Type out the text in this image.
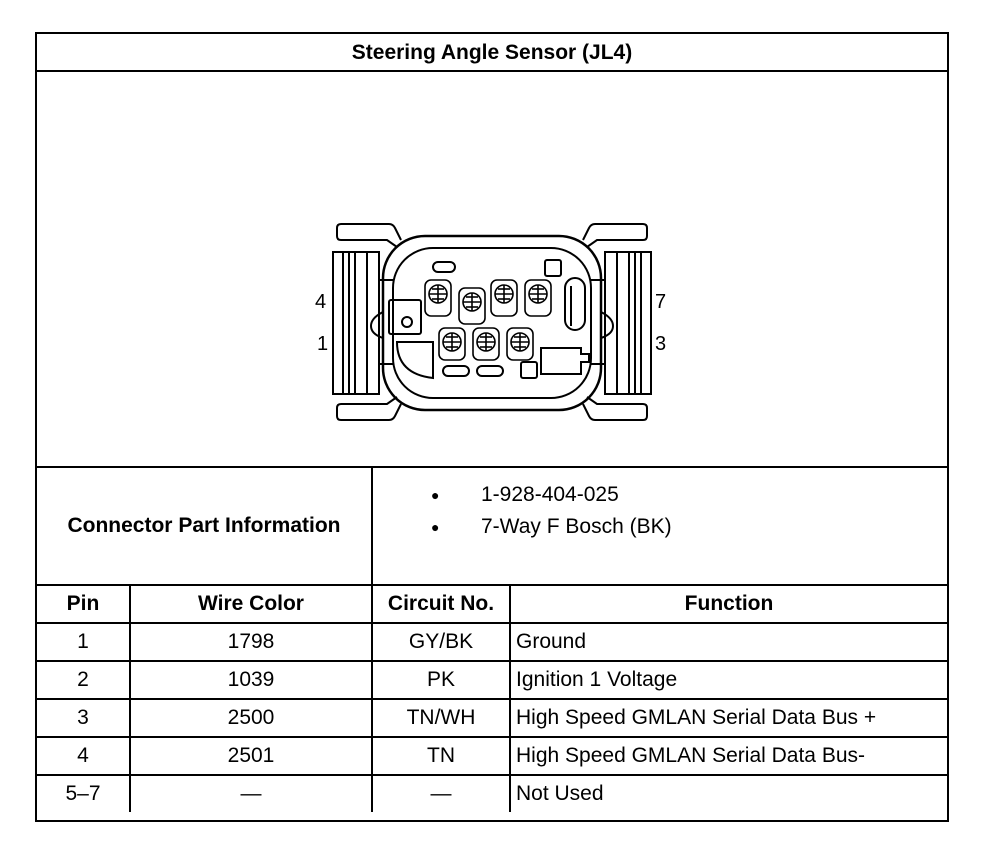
Steering Angle Sensor (JL4)
4
1
7
3
Connector Part Information
● 1-928-404-025
● 7-Way F Bosch (BK)
Pin	Wire Color	Circuit No.	Function
1	1798	GY/BK	Ground
2	1039	PK	Ignition 1 Voltage
3	2500	TN/WH	High Speed GMLAN Serial Data Bus +
4	2501	TN	High Speed GMLAN Serial Data Bus-
5–7	—	—	Not Used
